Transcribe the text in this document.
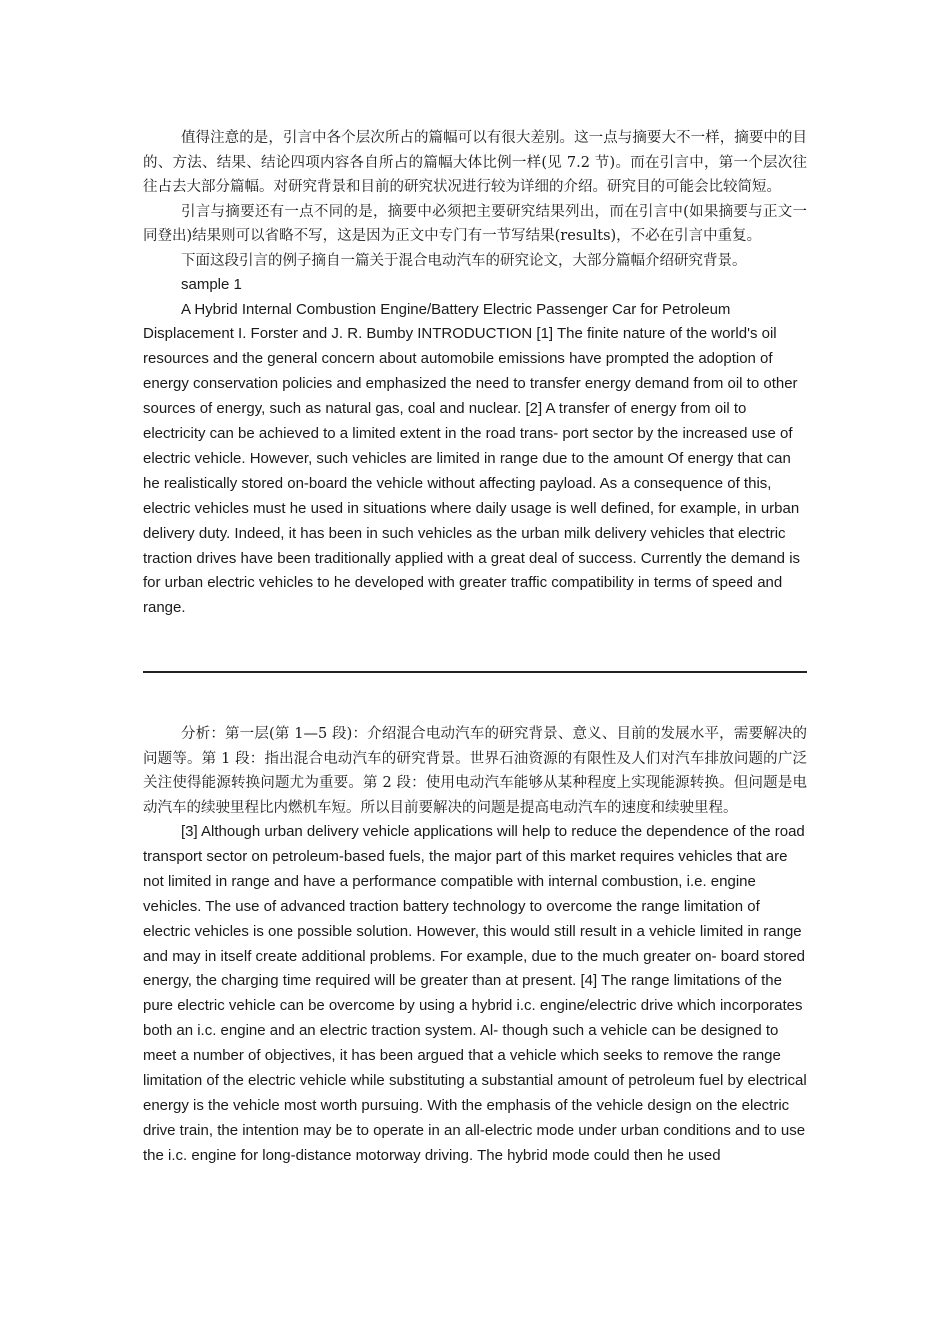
值得注意的是，引言中各个层次所占的篇幅可以有很大差别。这一点与摘要大不一样，摘要中的目的、方法、结果、结论四项内容各自所占的篇幅大体比例一样(见 7.2 节)。而在引言中，第一个层次往往占去大部分篇幅。对研究背景和目前的研究状况进行较为详细的介绍。研究目的可能会比较简短。

引言与摘要还有一点不同的是，摘要中必须把主要研究结果列出，而在引言中(如果摘要与正文一同登出)结果则可以省略不写，这是因为正文中专门有一节写结果(results)，不必在引言中重复。

下面这段引言的例子摘自一篇关于混合电动汽车的研究论文，大部分篇幅介绍研究背景。

sample 1

A Hybrid Internal Combustion Engine/Battery Electric Passenger Car for Petroleum Displacement I. Forster and J. R. Bumby INTRODUCTION [1] The finite nature of the world's oil resources and the general concern about automobile emissions have prompted the adoption of energy conservation policies and emphasized the need to transfer energy demand from oil to other sources of energy, such as natural gas, coal and nuclear. [2] A transfer of energy from oil to electricity can be achieved to a limited extent in the road trans- port sector by the increased use of electric vehicle. However, such vehicles are limited in range due to the amount Of energy that can he realistically stored on-board the vehicle without affecting payload. As a consequence of this, electric vehicles must he used in situations where daily usage is well defined, for example, in urban delivery duty. Indeed, it has been in such vehicles as the urban milk delivery vehicles that electric traction drives have been traditionally applied with a great deal of success. Currently the demand is for urban electric vehicles to he developed with greater traffic compatibility in terms of speed and range.

分析：第一层(第 1—5 段)：介绍混合电动汽车的研究背景、意义、目前的发展水平，需要解决的问题等。第 1 段：指出混合电动汽车的研究背景。世界石油资源的有限性及人们对汽车排放问题的广泛关注使得能源转换问题尤为重要。第 2 段：使用电动汽车能够从某种程度上实现能源转换。但问题是电动汽车的续驶里程比内燃机车短。所以目前要解决的问题是提高电动汽车的速度和续驶里程。

[3] Although urban delivery vehicle applications will help to reduce the dependence of the road transport sector on petroleum-based fuels, the major part of this market requires vehicles that are not limited in range and have a performance compatible with internal combustion, i.e. engine vehicles. The use of advanced traction battery technology to overcome the range limitation of electric vehicles is one possible solution. However, this would still result in a vehicle limited in range and may in itself create additional problems. For example, due to the much greater on- board stored energy, the charging time required will be greater than at present. [4] The range limitations of the pure electric vehicle can be overcome by using a hybrid i.c. engine/electric drive which incorporates both an i.c. engine and an electric traction system. Al- though such a vehicle can be designed to meet a number of objectives, it has been argued that a vehicle which seeks to remove the range limitation of the electric vehicle while substituting a substantial amount of petroleum fuel by electrical energy is the vehicle most worth pursuing. With the emphasis of the vehicle design on the electric drive train, the intention may be to operate in an all-electric mode under urban conditions and to use the i.c. engine for long-distance motorway driving. The hybrid mode could then he used
